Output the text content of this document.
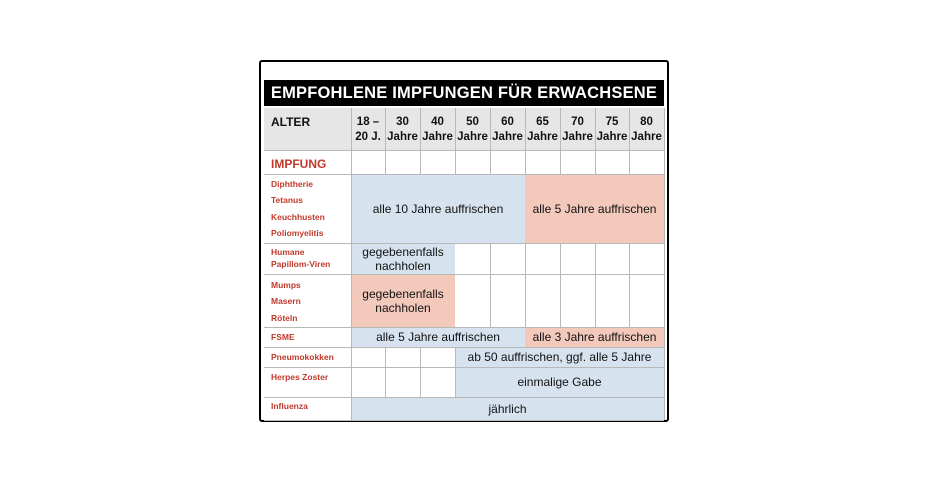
EMPFOHLENE IMPFUNGEN FÜR ERWACHSENE
alle 10 Jahre auffrischen alle 5 Jahre auffrischen
gegebenenfalls
nachholen
gegebenenfalls
nachholen
alle 5 Jahre auffrischen	alle 3 Jahre auffrischen
ab 50 auffrischen, ggf. alle 5 Jahre
einmalige Gabe
jährlich
ALTER	18 –
20 J.
30
Jahre
40
Jahre
50
Jahre
60
Jahre
65
Jahre
70
Jahre
75
Jahre
80
Jahre
IMPFUNG
Diphtherie
Tetanus
Keuchhusten
Poliomyelitis
Humane
Papillom-Viren
Mumps
Masern
Röteln
FSME
Pneumokokken
Herpes Zoster
Influenza
